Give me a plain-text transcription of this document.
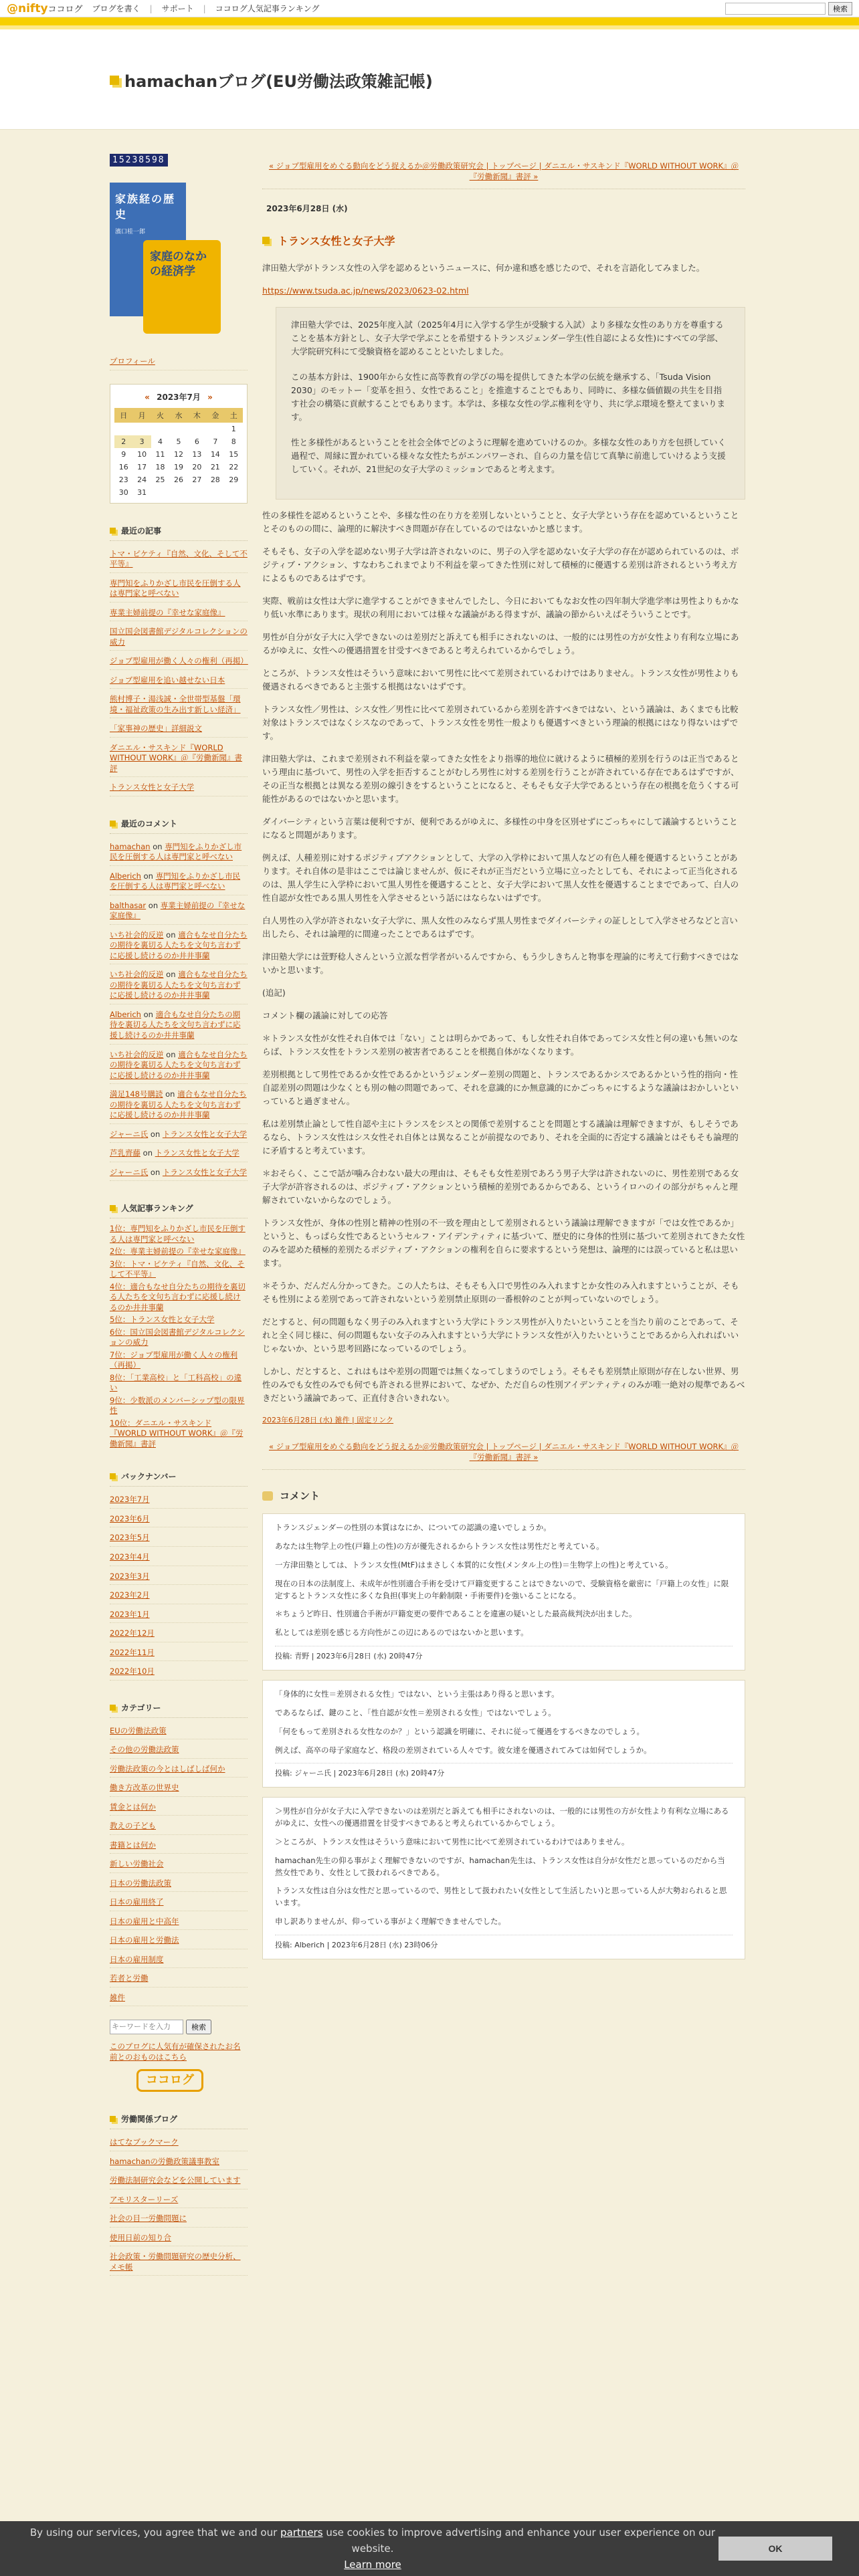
@niftyココログ ブログを書く | サポート | ココログ人気記事ランキング	検索
hamachanブログ(EU労働法政策雑記帳)
15238598
家族経の歴史
濱口桂一郎
家庭のなかの経済学
プロフィール
« 2023年7月 »
日	月	火	水	木	金	土
						1
2	3	4	5	6	7	8
9	10	11	12	13	14	15
16	17	18	19	20	21	22
23	24	25	26	27	28	29
30	31					
最近の記事
トマ・ピケティ『自然、文化、そして不平等』
専門知をふりかざし市民を圧倒する人は専門家と呼べない
専業主婦前提の『幸せな家庭像』
国立国会図書館デジタルコレクションの威力
ジョブ型雇用が働く人々の権利（再掲）
ジョブ型雇用を追い越せない日本
熊村博子・湯浅誠・全世帯型基盤「環境・福祉政策の生み出す新しい経済」
「家事神の歴史」詳細説文
ダニエル・サスキンド『WORLD WITHOUT WORK』＠『労働新聞』書評
トランス女性と女子大学
最近のコメント
hamachan on 専門知をふりかざし市民を圧倒する人は専門家と呼べない
Alberich on 専門知をふりかざし市民を圧倒する人は専門家と呼べない
balthasar on 専業主婦前提の『幸せな家庭像』
いち社会的反逆 on 適合もなせ自分たちの期待を裏切る人たちを文句ち言わずに応援し続けるのか井井事蘭
いち社会的反逆 on 適合もなせ自分たちの期待を裏切る人たちを文句ち言わずに応援し続けるのか井井事蘭
Alberich on 適合もなせ自分たちの期待を裏切る人たちを文句ち言わずに応援し続けるのか井井事蘭
いち社会的反逆 on 適合もなせ自分たちの期待を裏切る人たちを文句ち言わずに応援し続けるのか井井事蘭
満足148号購読 on 適合もなせ自分たちの期待を裏切る人たちを文句ち言わずに応援し続けるのか井井事蘭
ジャーニ氏 on トランス女性と女子大学
芦乳齊藤 on トランス女性と女子大学
ジャーニ氏 on トランス女性と女子大学
人気記事ランキング
1位：専門知をふりかざし市民を圧倒する人は専門家と呼べない
2位：専業主婦前提の『幸せな家庭像』
3位：トマ・ピケティ『自然、文化、そして不平等』
4位：適合もなせ自分たちの期待を裏切る人たちを文句ち言わずに応援し続けるのか井井事蘭
5位：トランス女性と女子大学
6位：国立国会図書館デジタルコレクションの威力
7位：ジョブ型雇用が働く人々の権利（再掲）
8位：「工業高校」と「工科高校」の違い
9位：少数派のメンバーシップ型の限界性
10位：ダニエル・サスキンド『WORLD WITHOUT WORK』＠『労働新聞』書評
バックナンバー
2023年7月
2023年6月
2023年5月
2023年4月
2023年3月
2023年2月
2023年1月
2022年12月
2022年11月
2022年10月
カテゴリー
EUの労働法政策
その他の労働法政策
労働法政策の今とはしばしば何か
働き方改革の世界史
賃金とは何か
教えの子ども
書籍とは何か
新しい労働社会
日本の労働法政策
日本の雇用終了
日本の雇用と中高年
日本の雇用と労働法
日本の雇用制度
若者と労働
雑件
キーワードを入力
検索
このブログに人気有が確保されたお名前とのおものはこちら
ココログ
労働関係ブログ
はてなブックマーク
hamachanの労働政策議事教室
労働法制研究会などを公開しています
アモリスターリーズ
社会の目一労働問題に
使用日前の知り合
社会政策・労働問題研究の歴史分析、メモ帳
« ジョブ型雇用をめぐる動向をどう捉えるか＠労働政策研究会 | トップページ | ダニエル・サスキンド『WORLD WITHOUT WORK』＠『労働新聞』書評 »
2023年6月28日 (水)
トランス女性と女子大学

津田塾大学がトランス女性の入学を認めるというニュースに、何か違和感を感じたので、それを言語化してみました。

https://www.tsuda.ac.jp/news/2023/0623-02.html

津田塾大学では、2025年度入試（2025年4月に入学する学生が受験する入試）より多様な女性のあり方を尊重することを基本方針とし、女子大学で学ぶことを希望するトランスジェンダー学生(性自認による女性)にすべての学部、大学院研究科にて受験資格を認めることといたしました。

この基本方針は、1900年から女性に高等教育の学びの場を提供してきた本学の伝統を継承する、「Tsuda Vision 2030」のモットー「変革を担う、女性であること」を推進することでもあり、同時に、多様な価値観の共生を目指す社会の構築に貢献することでもあります。本学は、多様な女性の学ぶ権利を守り、共に学ぶ環境を整えてまいります。

性と多様性があるということを社会全体でどのように理解を進めていけるのか。多様な女性のあり方を包摂していく過程で、周縁に置かれている様々な女性たちがエンパワーされ、自らの力量を信じて真摯に前進していけるよう支援していく。それが、21世紀の女子大学のミッションであると考えます。

性の多様性を認めるということや、多様な性の在り方を差別しないということと、女子大学という存在を認めているということとそのものの間に、論理的に解決すべき問題が存在しているのではないかと感じます。

そもそも、女子の入学を認めない男子大学は許されないのに、男子の入学を認めない女子大学の存在が認められているのは、ポジティブ・アクション、すなわちこれまでより不利益を蒙ってきた性別に対して積極的に優遇する差別は許されるという考え方によるものであるはずです。

実際、戦前は女性は大学に進学することができませんでしたし、今日においてもなお女性の四年制大学進学率は男性よりもかなり低い水準にあります。現状の利用においては様々な議論がある得ますが、議論の節からいえばそういうことです。

男性が自分が女子大に入学できないのは差別だと訴えても相手にされないのは、一般的には男性の方が女性より有利な立場にあるがゆえに、女性への優遇措置を甘受すべきであると考えられているからでしょう。

ところが、トランス女性はそういう意味において男性に比べて差別されているわけではありません。トランス女性が男性よりも優遇されるべきであると主張する根拠はないはずです。

トランス女性／男性は、シス女性／男性に比べて差別されているから差別を許すべきではない、という議論は、あくまでも比較対象はトランスではなくシスなのであって、トランス女性を男性一般よりも優遇すべきという理論的根拠にはなり得ないはずです。

津田塾大学は、これまで差別され不利益を蒙ってきた女性をより指導的地位に就けるように積極的差別を行うのは正当であるという理由に基づいて、男性の入学を拒否することがむしろ男性に対する差別を行うことが許されている存在であるはずですが、その正当な根拠とは異なる差別の線引きをするということになると、そもそも女子大学であるという存在の根拠を危うくする可能性があるのではないかと思います。

ダイバーシティという言葉は便利ですが、便利であるがゆえに、多様性の中身を区別せずにごっちゃにして議論するということになると問題があります。

例えば、人種差別に対するポジティブアクションとして、大学の入学枠において黒人などの有色人種を優遇するということがあります。それ自体の是非はここでは論じませんが、仮にそれが正当だという立場に立ったとしても、それによって正当化されるのは、黒人学生に入学枠において黒人男性を優遇することと、女子大学において黒人女性を優遇することまでであって、白人の性自認が女性である黒人男性を入学させるという話にはならないはずです。

白人男性の入学が許されない女子大学に、黒人女性のみならず黒人男性までダイバーシティの証しとして入学させろなどと言い出したら、それは論理的に間違ったことであるはずです。

津田塾大学には萱野稔人さんという立派な哲学者がいるんですから、もう少しきちんと物事を理論的に考えて行動すべきではないかと思います。

(追記)

コメント欄の議論に対しての応答

＊トランス女性が女性それ自体では「ない」ことは明らかであって、もし女性それ自体であってシス女性と何の違いも無いのならば、トランス女性をトランス差別の被害者であることを根拠自体がなくなります。

差別根拠として男性であるか女性であるかというジェンダー差別の問題と、トランスであるかシスであるかという性的指向・性自認差別の問題は少なくとも別の軸の問題であって、それを意識的にか無意識的にかごっちゃにするような議論はおかしいといっていると過ぎません。

私は差別禁止論として性自認や主にトランスをシスとの関係で差別することを問題とする議論は理解できますが、もしそうであるなら、トランス女性はシス女性それ自体とは異なることが前提なのであり、それを全面的に否定する議論とはそもそも論理的に矛盾すると考えています。

＊おそらく、ここで話が噛み合わない最大の理由は、そもそも女性差別であろう男子大学は許されないのに、男性差別である女子大学が許容されるのは、ポジティブ・アクションという積極的差別であるからである、というイロハのイの部分がちゃんと理解されていないからなのでしょう。

トランス女性が、身体の性別と精神の性別の不一致を理由として差別されるという議論は理解できますが「では女性であるか」というと、もっぱら女性であるというセルフ・アイデンティティに基づいて、歴史的に身体的性別に基づいて差別されてきた女性のみを認めた積極的差別たるポジティブ・アクションの権利を自らに要求するという発想は、論理的には誤っていると私は思います。

＊そうか、だんだん分かってきた。この人たちは、そもそも入口で男性のみ入れますとか女性のみ入れますということが、そもそも性別による差別であって許されないという差別禁止原則の一番根幹のことが判っていないのでしょう。

だとすると、何の問題もなく男子のみ入れますという大学にトランス男性が入りたいということを当たり前のことであって、それと全く同じ様に、何の問題もない女子のみ入れますという大学にトランス女性が入りたいということであるから入れればいいじゃないか、という思考回路になっているのでしょう。

しかし、だとすると、これはもはや差別の問題では無くなってしまうのでしょう。そもそも差別禁止原則が存在しない世界、男性のみでも女性のみでも何でも許される世界において、なぜか、ただ自らの性別アイデンティティのみが唯一絶対の規準であるべきだという議論であって、正直付き合いきれない。

2023年6月28日 (水) 雑件 | 固定リンク
« ジョブ型雇用をめぐる動向をどう捉えるか＠労働政策研究会 | トップページ | ダニエル・サスキンド『WORLD WITHOUT WORK』＠『労働新聞』書評 »
コメント

トランスジェンダーの性別の本質はなにか、についての認識の違いでしょうか。

あなたは生物学上の性(戸籍上の性)の方が優先されるからトランス女性は男性だと考えている。

一方津田塾としては、トランス女性(MtF)はまさしく本質的に女性(メンタル上の性)＝生物学上の性)と考えている。

現在の日本の法制度上、未成年が性別適合手術を受けて戸籍変更することはできないので、受験資格を厳密に「戸籍上の女性」に限定するとトランス女性に多くな負担(事実上の年齢制限・手術要件)を強いることになる。

＊ちょうど昨日、性別適合手術が戸籍変更の要件であることを違憲の疑いとした最高裁判決が出ました。

私としては差別を感じる方向性がこの辺にあるのではないかと思います。

投稿: 青野 | 2023年6月28日 (水) 20時47分

「身体的に女性＝差別される女性」ではない、という主張はあり得ると思います。

であるならば、鍵のこと、「性自認が女性＝差別される女性」ではないでしょう。

「何をもって差別される女性なのか？」という認識を明確に、それに従って優遇をするべきなのでしょう。

例えば、高卒の母子家庭など、格段の差別されている人々です。彼女達を優遇されてみては如何でしょうか。

投稿: ジャーニ氏 | 2023年6月28日 (水) 20時47分

＞男性が自分が女子大に入学できないのは差別だと訴えても相手にされないのは、一般的には男性の方が女性より有利な立場にあるがゆえに、女性への優遇措置を甘受すべきであると考えられているからでしょう。

＞ところが、トランス女性はそういう意味において男性に比べて差別されているわけではありません。

hamachan先生の仰る事がよく理解できないのですが、hamachan先生は、トランス女性は自分が女性だと思っているのだから当然女性であり、女性として扱われるべきである。

トランス女性は自分は女性だと思っているので、男性として扱われたい(女性として生活したい)と思っている人が大勢おられると思います。

申し訳ありませんが、仰っている事がよく理解できませんでした。

投稿: Alberich | 2023年6月28日 (水) 23時06分
By using our services, you agree that we and our partners use cookies to improve advertising and enhance your user experience on our website.
Learn more
OK
